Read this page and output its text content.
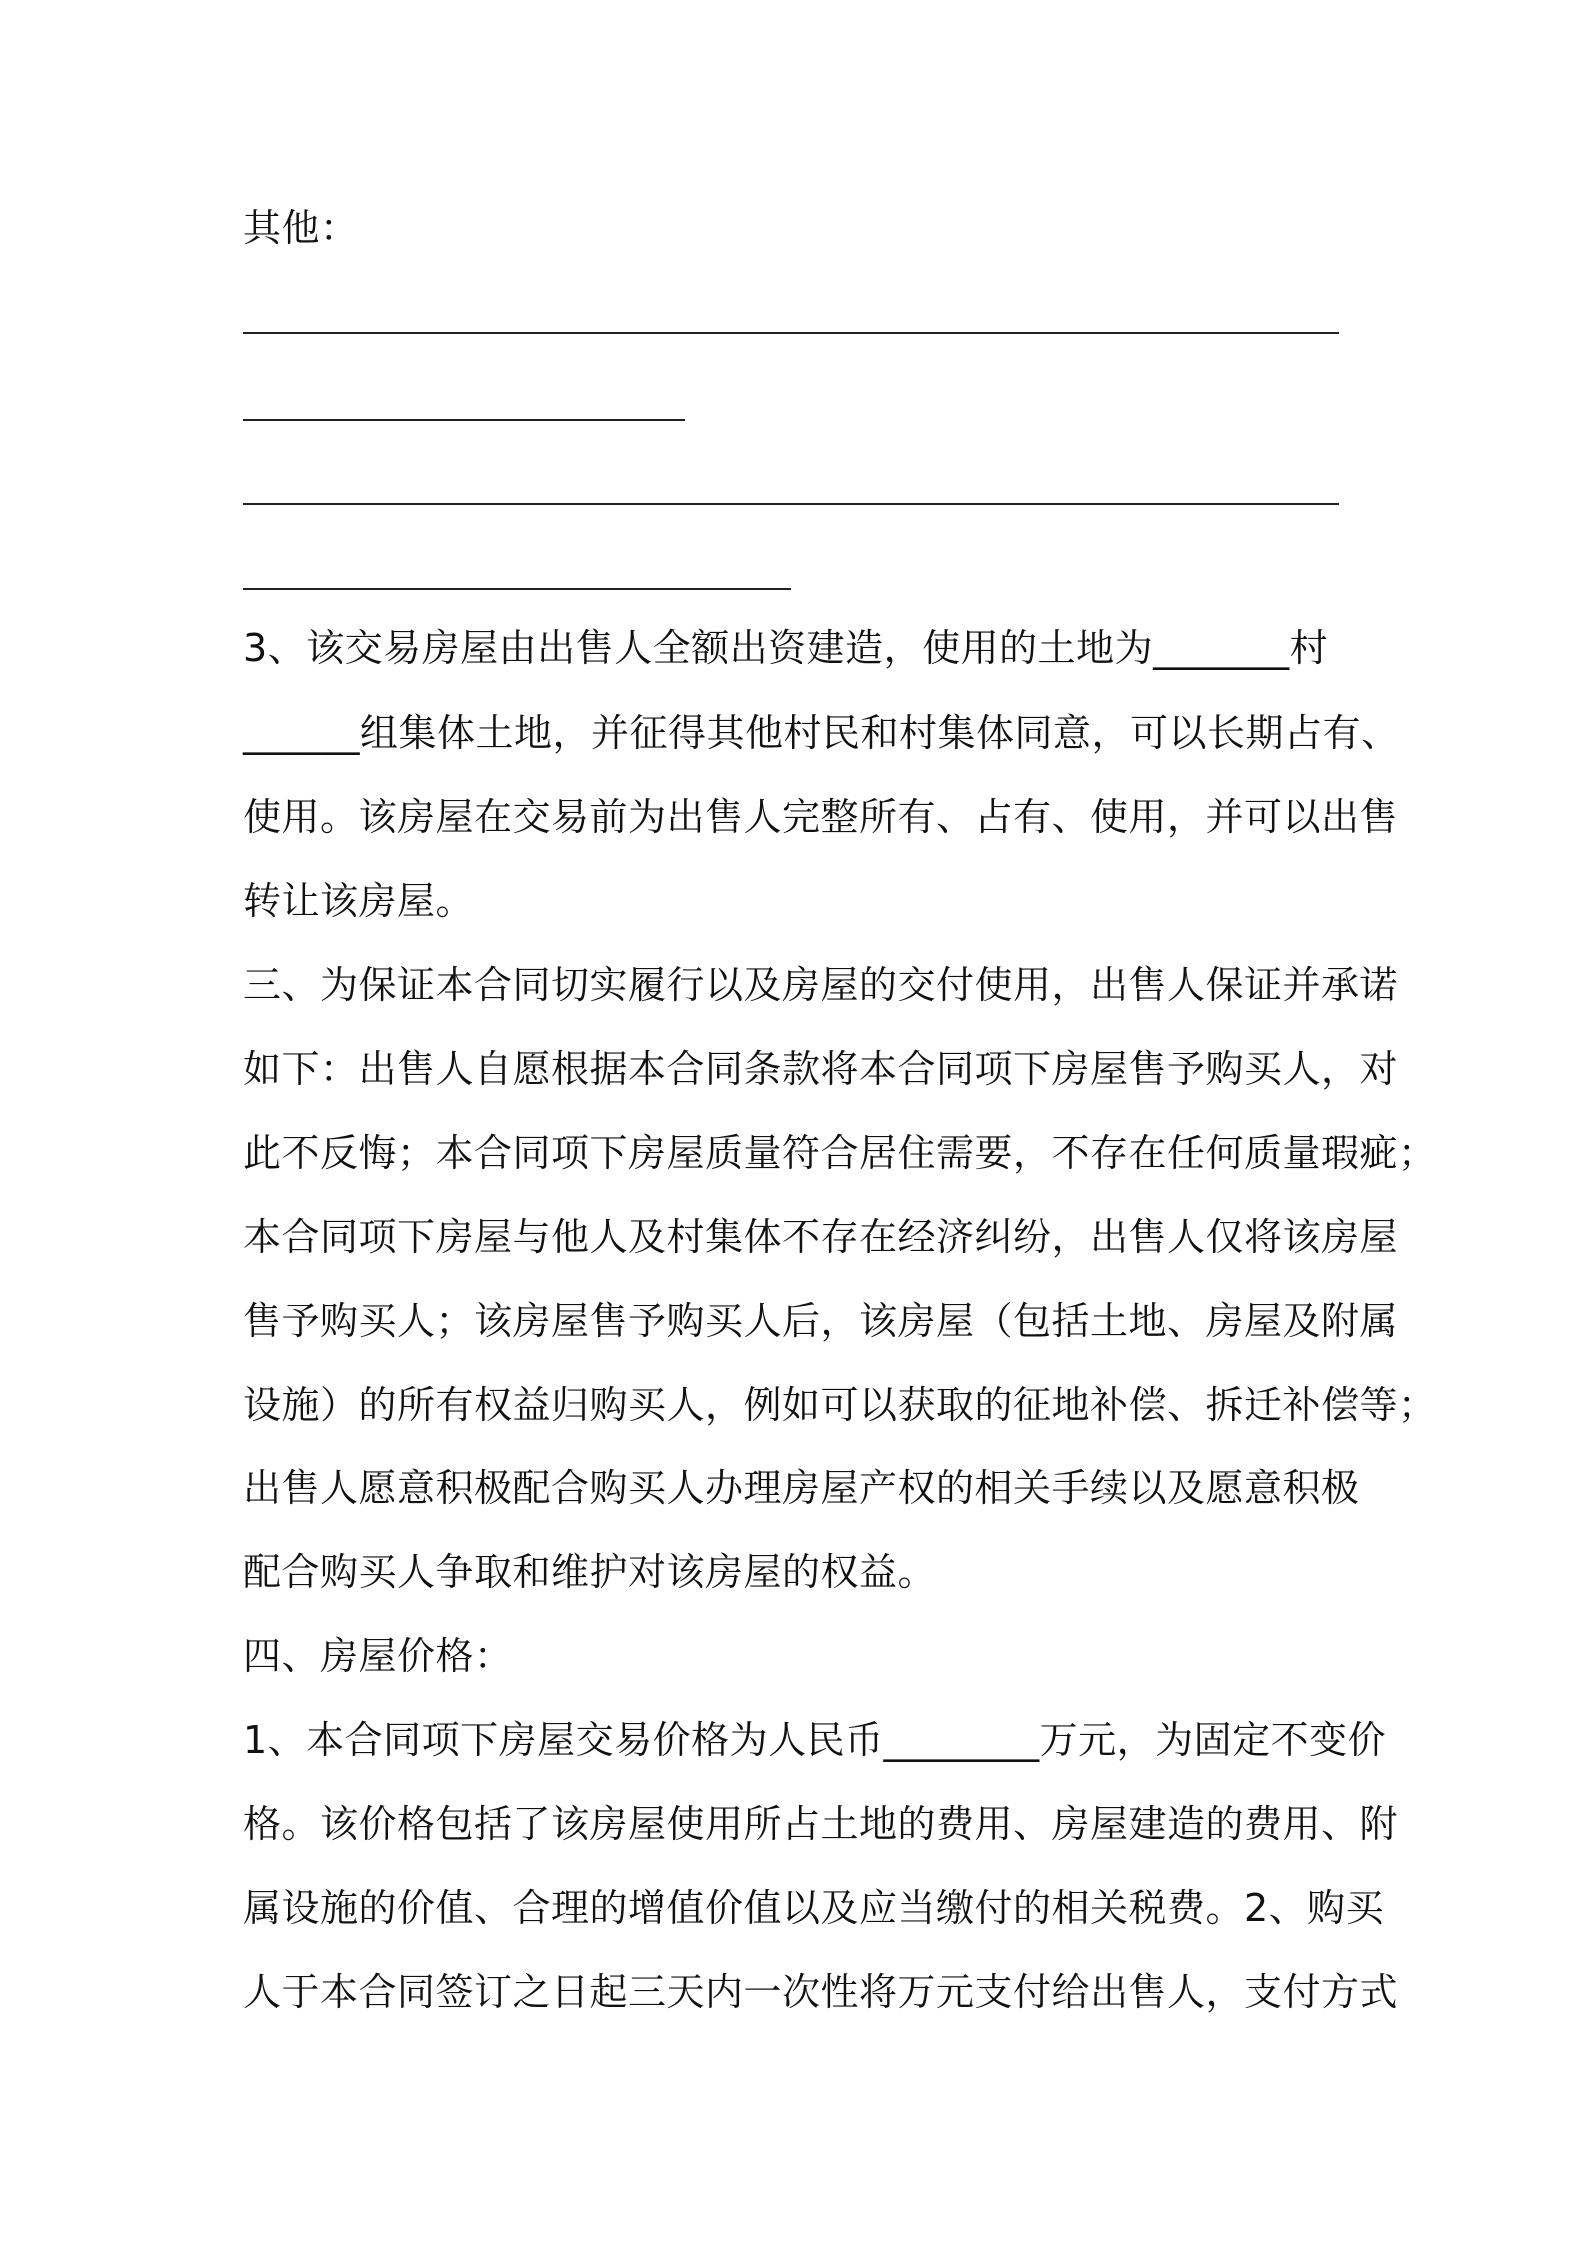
其他：
3、该交易房屋由出售人全额出资建造，使用的土地为_______村
______组集体土地，并征得其他村民和村集体同意，可以长期占有、
使用。该房屋在交易前为出售人完整所有、占有、使用，并可以出售
转让该房屋。
三、为保证本合同切实履行以及房屋的交付使用，出售人保证并承诺
如下：出售人自愿根据本合同条款将本合同项下房屋售予购买人，对
此不反悔；本合同项下房屋质量符合居住需要，不存在任何质量瑕疵；
本合同项下房屋与他人及村集体不存在经济纠纷，出售人仅将该房屋
售予购买人；该房屋售予购买人后，该房屋（包括土地、房屋及附属
设施）的所有权益归购买人，例如可以获取的征地补偿、拆迁补偿等；
出售人愿意积极配合购买人办理房屋产权的相关手续以及愿意积极
配合购买人争取和维护对该房屋的权益。
四、房屋价格：
1、本合同项下房屋交易价格为人民币________万元，为固定不变价
格。该价格包括了该房屋使用所占土地的费用、房屋建造的费用、附
属设施的价值、合理的增值价值以及应当缴付的相关税费。2、购买
人于本合同签订之日起三天内一次性将万元支付给出售人，支付方式
